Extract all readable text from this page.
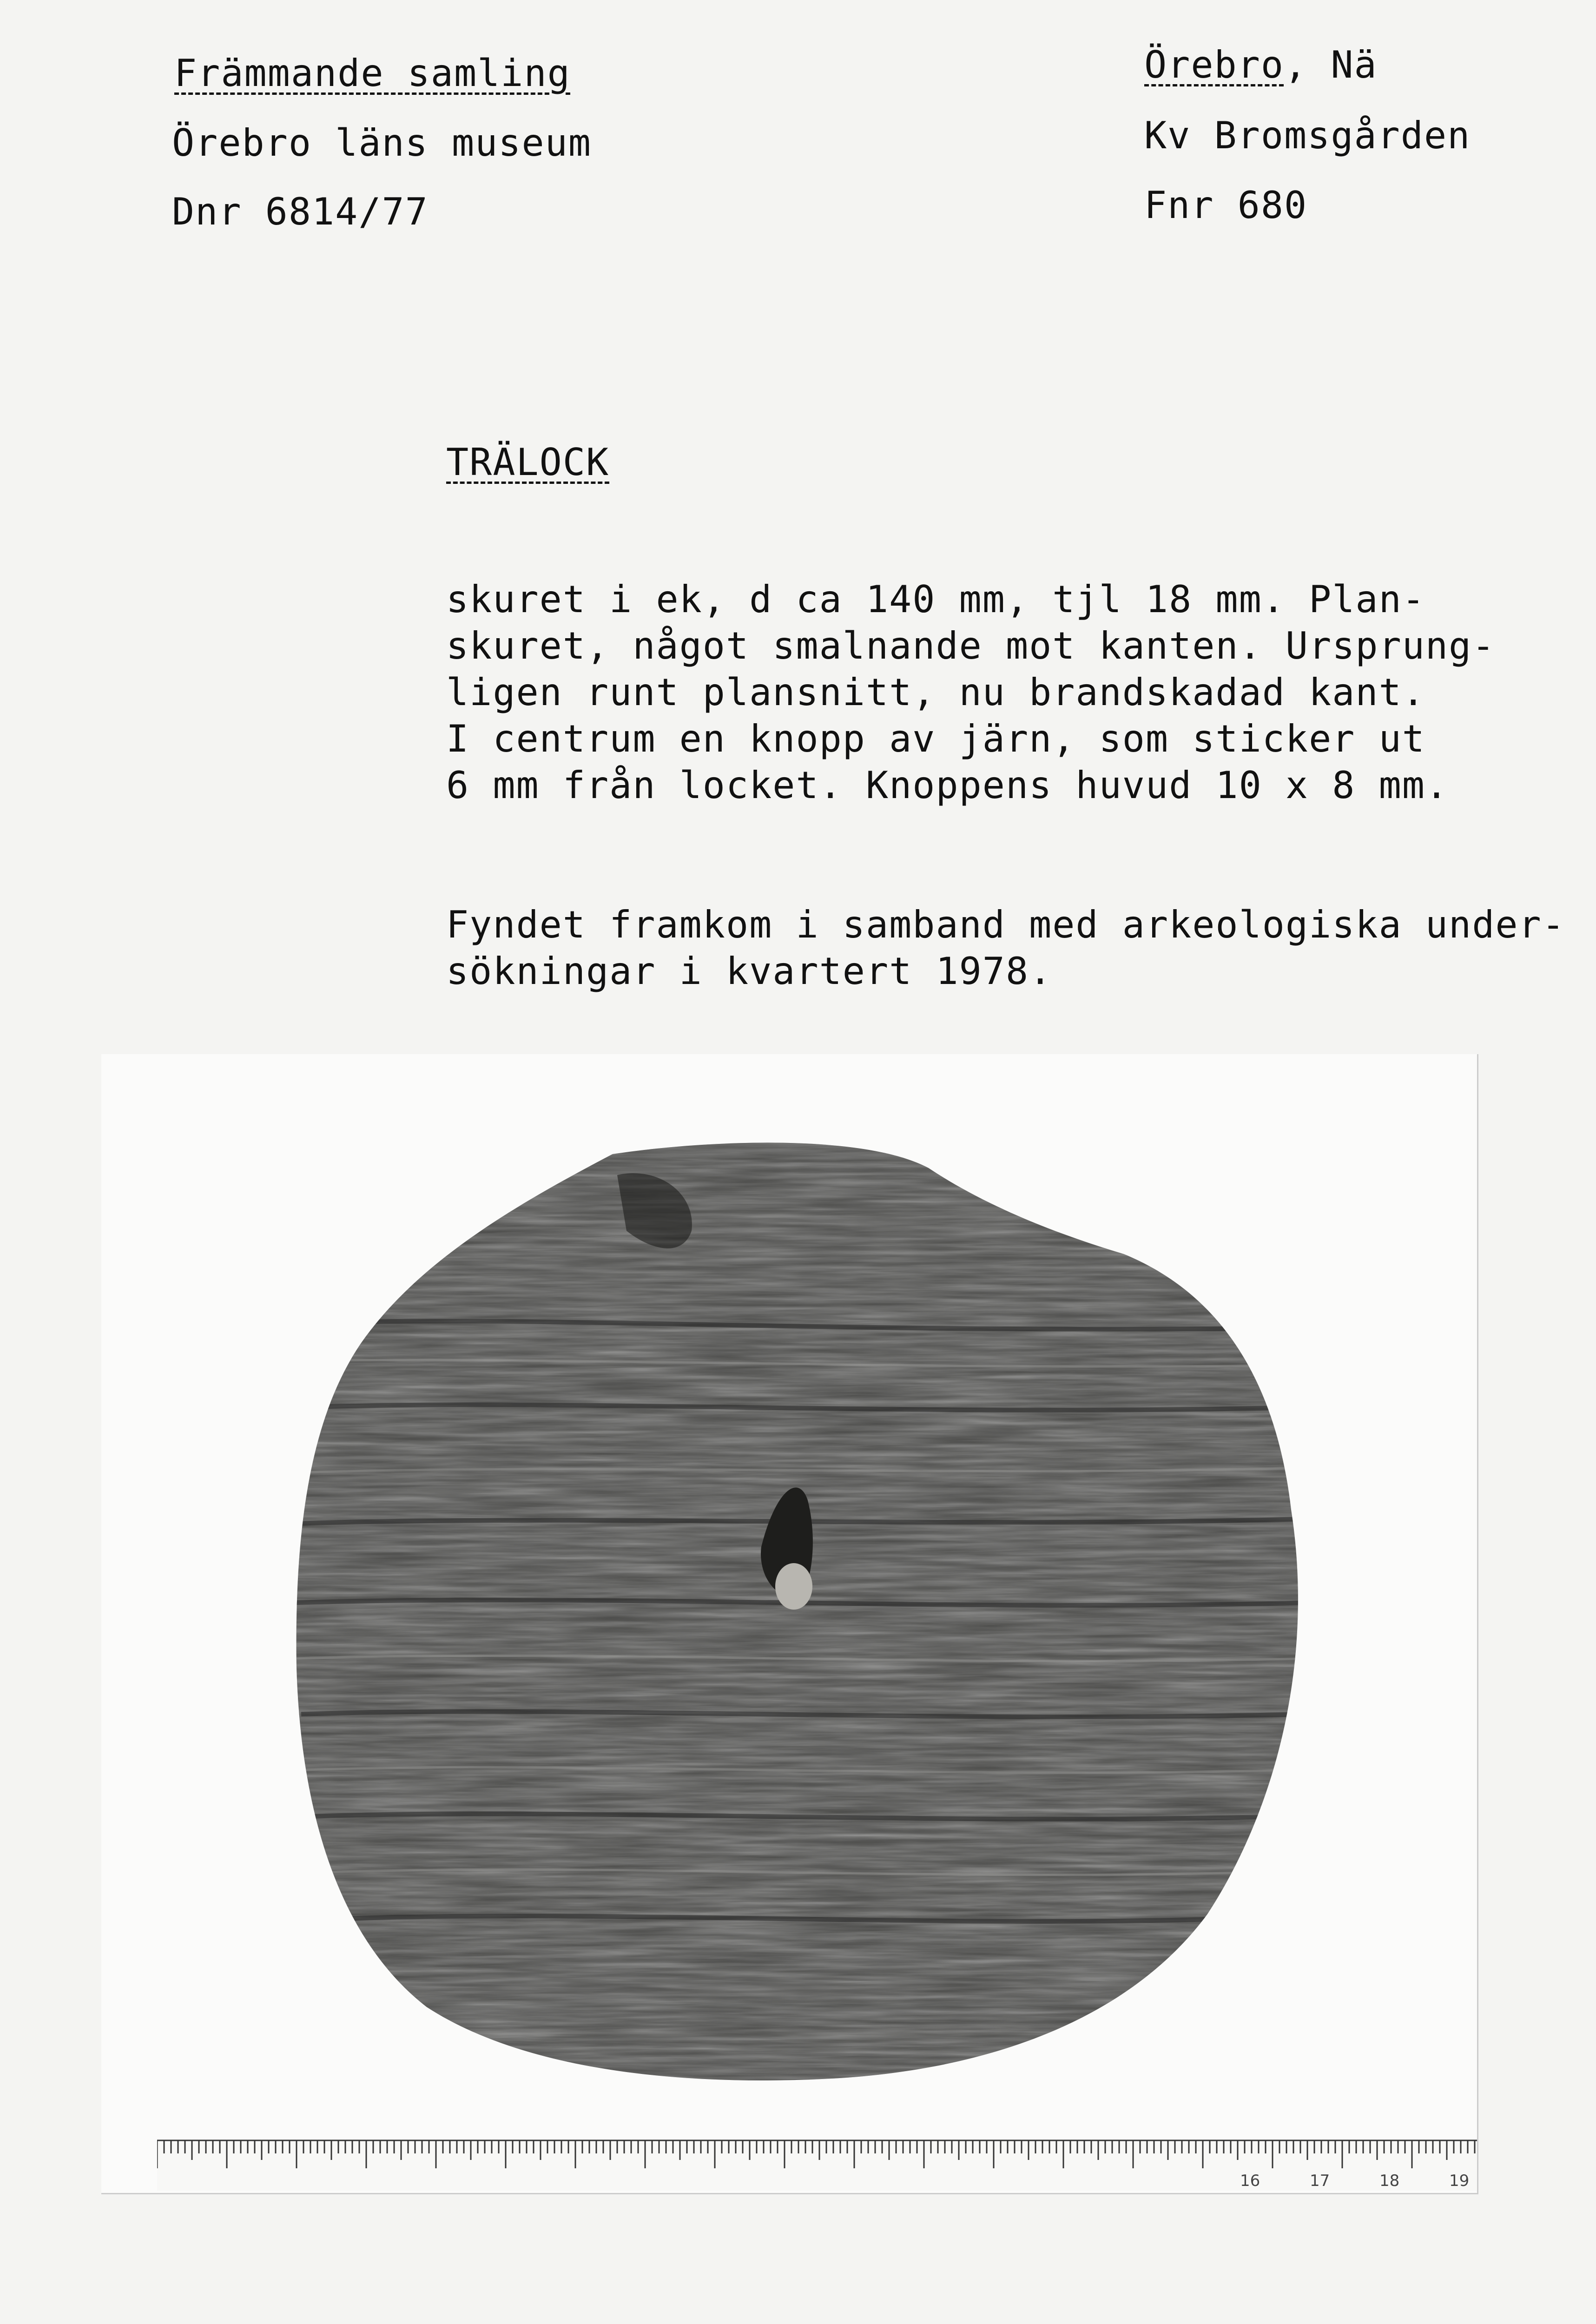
Främmande samling
Örebro läns museum
Dnr 6814/77
Örebro, Nä
Kv Bromsgården
Fnr 680
TRÄLOCK

skuret i ek, d ca 140 mm, tjl 18 mm. Plan-
skuret, något smalnande mot kanten. Ursprung-
ligen runt plansnitt, nu brandskadad kant.
I centrum en knopp av järn, som sticker ut
6 mm från locket. Knoppens huvud 10 x 8 mm.

Fyndet framkom i samband med arkeologiska under-
sökningar i kvartert 1978.

16	17	18	19
